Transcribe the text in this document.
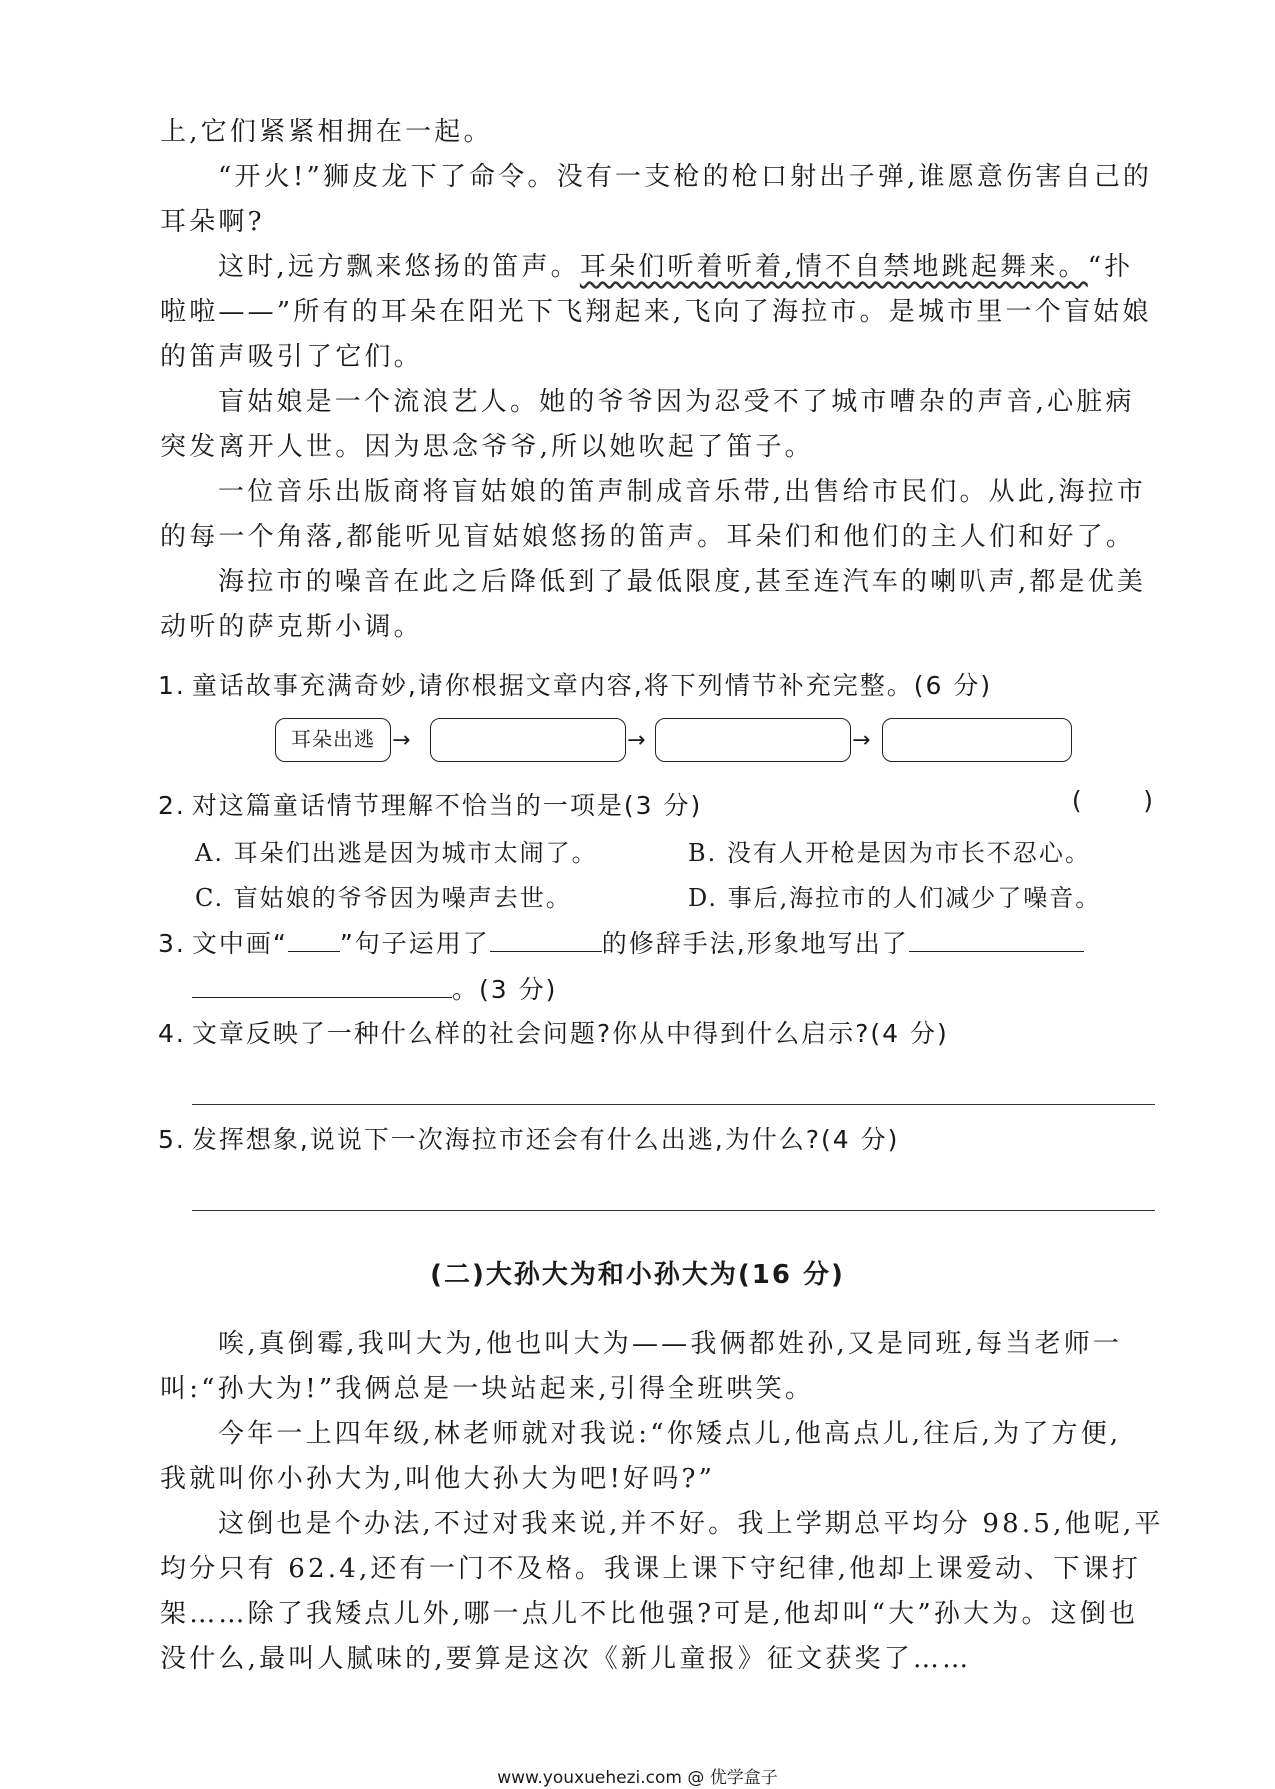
上,它们紧紧相拥在一起。
“开火!”狮皮龙下了命令。没有一支枪的枪口射出子弹,谁愿意伤害自己的
耳朵啊?
这时,远方飘来悠扬的笛声。耳朵们听着听着,情不自禁地跳起舞来。“扑
啦啦——”所有的耳朵在阳光下飞翔起来,飞向了海拉市。是城市里一个盲姑娘
的笛声吸引了它们。
盲姑娘是一个流浪艺人。她的爷爷因为忍受不了城市嘈杂的声音,心脏病
突发离开人世。因为思念爷爷,所以她吹起了笛子。
一位音乐出版商将盲姑娘的笛声制成音乐带,出售给市民们。从此,海拉市
的每一个角落,都能听见盲姑娘悠扬的笛声。耳朵们和他们的主人们和好了。
海拉市的噪音在此之后降低到了最低限度,甚至连汽车的喇叭声,都是优美
动听的萨克斯小调。
1. 童话故事充满奇妙,请你根据文章内容,将下列情节补充完整。(6 分)
耳朵出逃 →	→	→
2. 对这篇童话情节理解不恰当的一项是(3 分)	(      )
A. 耳朵们出逃是因为城市太闹了。	B. 没有人开枪是因为市长不忍心。
C. 盲姑娘的爷爷因为噪声去世。	D. 事后,海拉市的人们减少了噪音。
3. 文中画“ ”句子运用了	的修辞手法,形象地写出了
。(3 分)
4. 文章反映了一种什么样的社会问题?你从中得到什么启示?(4 分)
5. 发挥想象,说说下一次海拉市还会有什么出逃,为什么?(4 分)
(二)大孙大为和小孙大为(16 分)
唉,真倒霉,我叫大为,他也叫大为——我俩都姓孙,又是同班,每当老师一
叫:“孙大为!”我俩总是一块站起来,引得全班哄笑。
今年一上四年级,林老师就对我说:“你矮点儿,他高点儿,往后,为了方便,
我就叫你小孙大为,叫他大孙大为吧!好吗?”
这倒也是个办法,不过对我来说,并不好。我上学期总平均分 98.5,他呢,平
均分只有 62.4,还有一门不及格。我课上课下守纪律,他却上课爱动、下课打
架……除了我矮点儿外,哪一点儿不比他强?可是,他却叫“大”孙大为。这倒也
没什么,最叫人腻味的,要算是这次《新儿童报》征文获奖了……
www.youxuehezi.com @ 优学盒子
